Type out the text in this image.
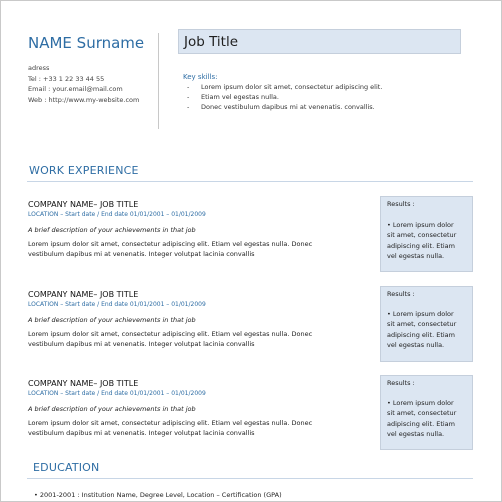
NAME Surname
adress
Tel : +33 1 22 33 44 55
Email : your.email@mail.com
Web : http://www.my-website.com
Job Title
Key skills:
- Lorem ipsum dolor sit amet, consectetur adipiscing elit.
- Etiam vel egestas nulla.
- Donec vestibulum dapibus mi at venenatis. convallis.
WORK EXPERIENCE
COMPANY NAME– JOB TITLE
LOCATION – Start date / End date 01/01/2001 – 01/01/2009
A brief description of your achievements in that job
Lorem ipsum dolor sit amet, consectetur adipiscing elit. Etiam vel egestas nulla. Donec
vestibulum dapibus mi at venenatis. Integer volutpat lacinia convallis
Results :
• Lorem ipsum dolor
sit amet, consectetur
adipiscing elit. Etiam
vel egestas nulla.
COMPANY NAME– JOB TITLE
LOCATION – Start date / End date 01/01/2001 – 01/01/2009
A brief description of your achievements in that job
Lorem ipsum dolor sit amet, consectetur adipiscing elit. Etiam vel egestas nulla. Donec
vestibulum dapibus mi at venenatis. Integer volutpat lacinia convallis
Results :
• Lorem ipsum dolor
sit amet, consectetur
adipiscing elit. Etiam
vel egestas nulla.
COMPANY NAME– JOB TITLE
LOCATION – Start date / End date 01/01/2001 – 01/01/2009
A brief description of your achievements in that job
Lorem ipsum dolor sit amet, consectetur adipiscing elit. Etiam vel egestas nulla. Donec
vestibulum dapibus mi at venenatis. Integer volutpat lacinia convallis
Results :
• Lorem ipsum dolor
sit amet, consectetur
adipiscing elit. Etiam
vel egestas nulla.
EDUCATION
• 2001-2001 : Institution Name, Degree Level, Location – Certification (GPA)
